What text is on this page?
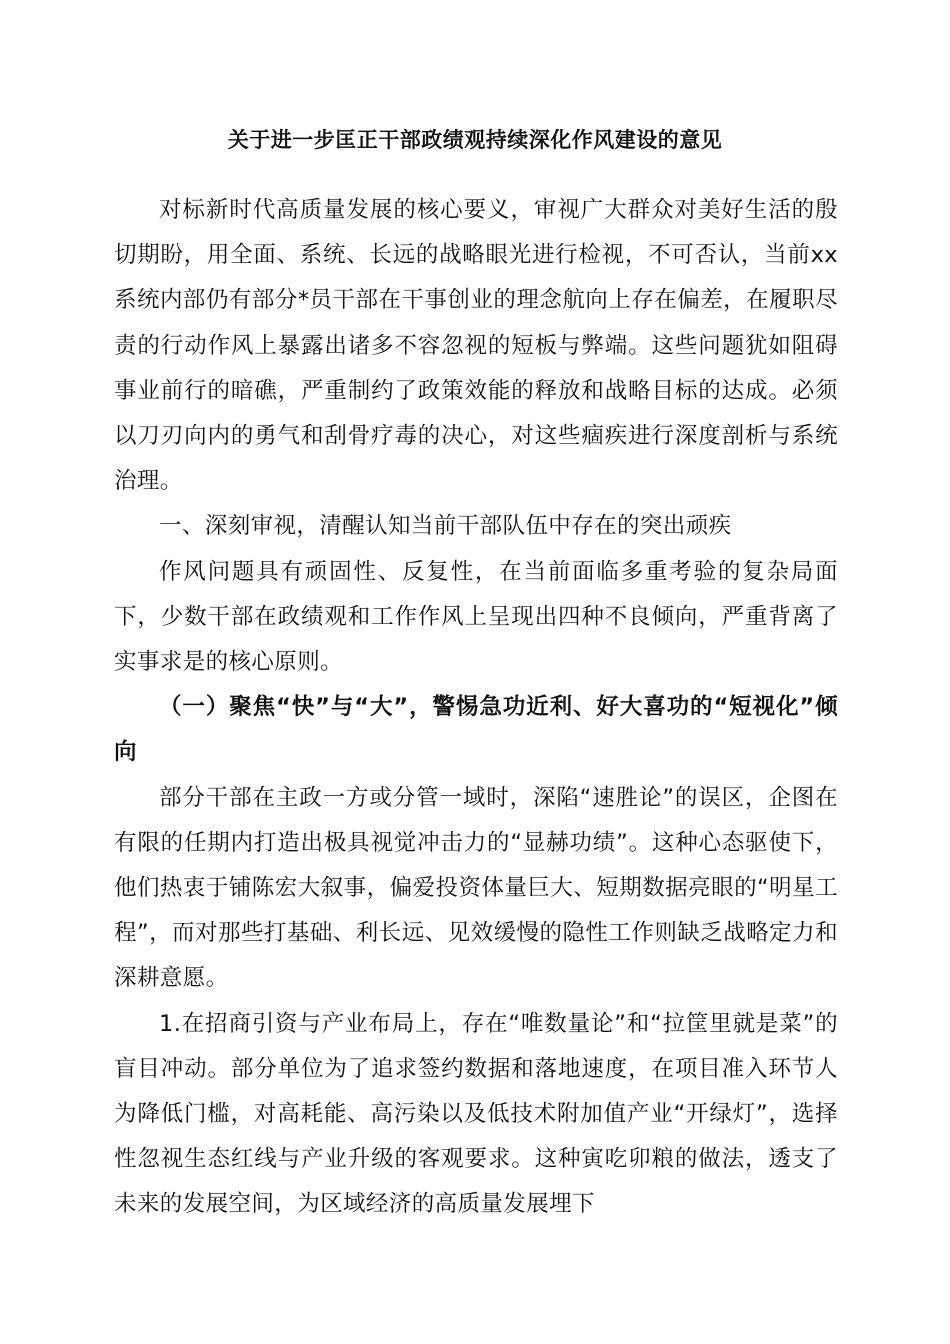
关于进一步匡正干部政绩观持续深化作风建设的意见

对标新时代高质量发展的核心要义，审视广大群众对美好生活的殷切期盼，用全面、系统、长远的战略眼光进行检视，不可否认，当前xx系统内部仍有部分*员干部在干事创业的理念航向上存在偏差，在履职尽责的行动作风上暴露出诸多不容忽视的短板与弊端。这些问题犹如阻碍事业前行的暗礁，严重制约了政策效能的释放和战略目标的达成。必须以刀刃向内的勇气和刮骨疗毒的决心，对这些痼疾进行深度剖析与系统治理。

一、深刻审视，清醒认知当前干部队伍中存在的突出顽疾

作风问题具有顽固性、反复性，在当前面临多重考验的复杂局面下，少数干部在政绩观和工作作风上呈现出四种不良倾向，严重背离了实事求是的核心原则。

（一）聚焦“快”与“大”，警惕急功近利、好大喜功的“短视化”倾向

部分干部在主政一方或分管一域时，深陷“速胜论”的误区，企图在有限的任期内打造出极具视觉冲击力的“显赫功绩”。这种心态驱使下，他们热衷于铺陈宏大叙事，偏爱投资体量巨大、短期数据亮眼的“明星工程”，而对那些打基础、利长远、见效缓慢的隐性工作则缺乏战略定力和深耕意愿。

1.在招商引资与产业布局上，存在“唯数量论”和“拉筐里就是菜”的盲目冲动。部分单位为了追求签约数据和落地速度，在项目准入环节人为降低门槛，对高耗能、高污染以及低技术附加值产业“开绿灯”，选择性忽视生态红线与产业升级的客观要求。这种寅吃卯粮的做法，透支了未来的发展空间，为区域经济的高质量发展埋下
